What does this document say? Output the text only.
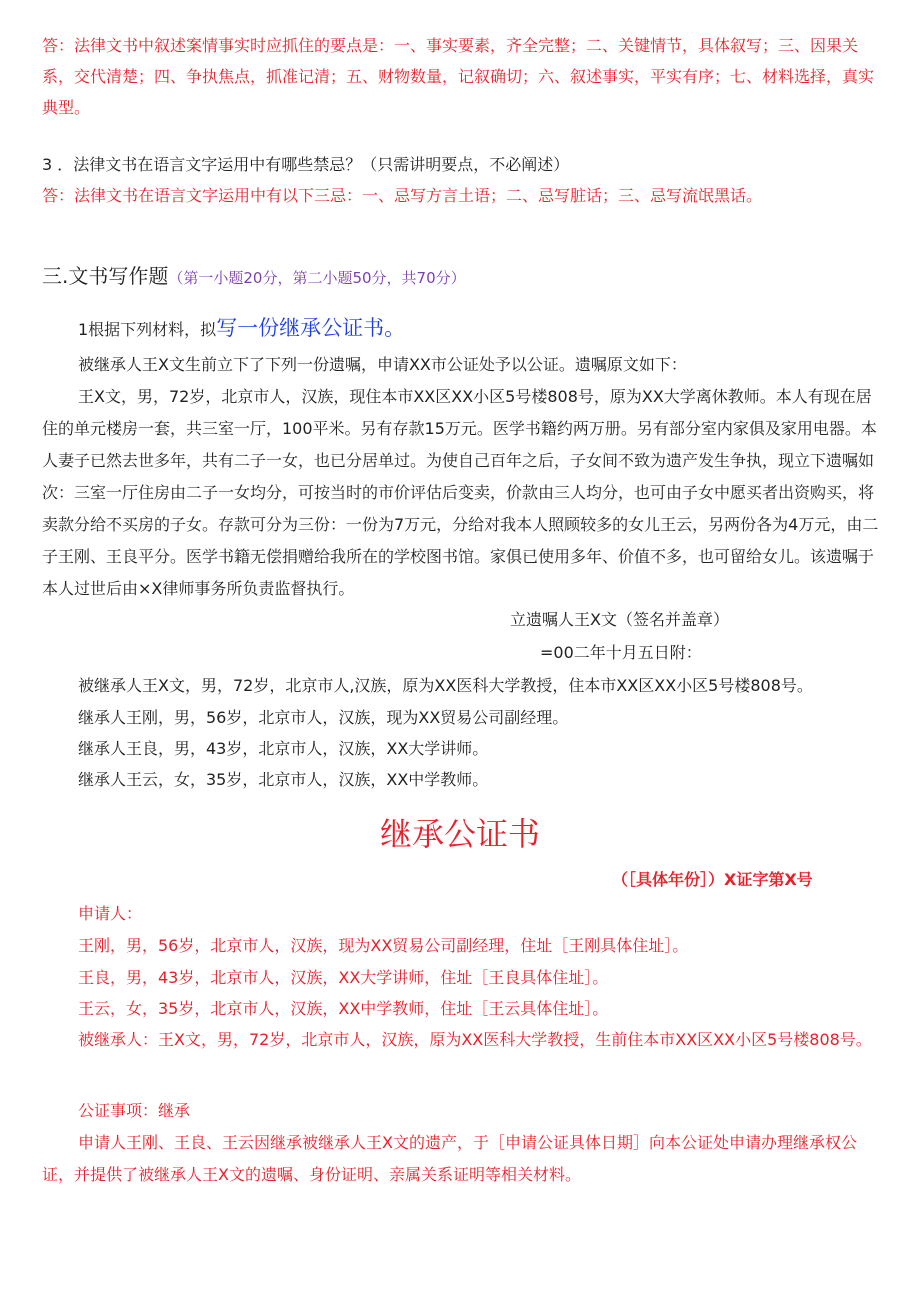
答：法律文书中叙述案情事实时应抓住的要点是：一、事实要素，齐全完整；二、关键情节，具体叙写；三、因果关系，交代清楚；四、争执焦点，抓准记清；五、财物数量，记叙确切；六、叙述事实，平实有序；七、材料选择，真实典型。

3 ．法律文书在语言文字运用中有哪些禁忌？（只需讲明要点，不必阐述）

答：法律文书在语言文字运用中有以下三忌：一、忌写方言土语；二、忌写脏话；三、忌写流氓黑话。

三.文书写作题（第一小题20分，第二小题50分，共70分）
1根据下列材料，拟写一份继承公证书。

被继承人王X文生前立下了下列一份遗嘱，申请XX市公证处予以公证。遗嘱原文如下：

王X文，男，72岁，北京市人，汉族，现住本市XX区XX小区5号楼808号，原为XX大学离休教师。本人有现在居住的单元楼房一套，共三室一厅，100平米。另有存款15万元。医学书籍约两万册。另有部分室内家俱及家用电器。本人妻子已然去世多年，共有二子一女，也已分居单过。为使自己百年之后，子女间不致为遗产发生争执，现立下遗嘱如次：三室一厅住房由二子一女均分，可按当时的市价评估后变卖，价款由三人均分，也可由子女中愿买者出资购买，将卖款分给不买房的子女。存款可分为三份：一份为7万元，分给对我本人照顾较多的女儿王云，另两份各为4万元，由二子王刚、王良平分。医学书籍无偿捐赠给我所在的学校图书馆。家俱已使用多年、价值不多，也可留给女儿。该遗嘱于本人过世后由×X律师事务所负责监督执行。

立遗嘱人王X文（签名并盖章）

=00二年十月五日附：

被继承人王X文，男，72岁，北京市人,汉族，原为XX医科大学教授，住本市XX区XX小区5号楼808号。

继承人王刚，男，56岁，北京市人，汉族，现为XX贸易公司副经理。

继承人王良，男，43岁，北京市人，汉族，XX大学讲师。

继承人王云，女，35岁，北京市人，汉族，XX中学教师。

继承公证书

（［具体年份］）X证字第X号

申请人：

王刚，男，56岁，北京市人，汉族，现为XX贸易公司副经理，住址［王刚具体住址］。

王良，男，43岁，北京市人，汉族，XX大学讲师，住址［王良具体住址］。

王云，女，35岁，北京市人，汉族，XX中学教师，住址［王云具体住址］。

被继承人：王X文，男，72岁，北京市人，汉族，原为XX医科大学教授，生前住本市XX区XX小区5号楼808号。

公证事项：继承

申请人王刚、王良、王云因继承被继承人王X文的遗产，于［申请公证具体日期］向本公证处申请办理继承权公证，并提供了被继承人王X文的遗嘱、身份证明、亲属关系证明等相关材料。
